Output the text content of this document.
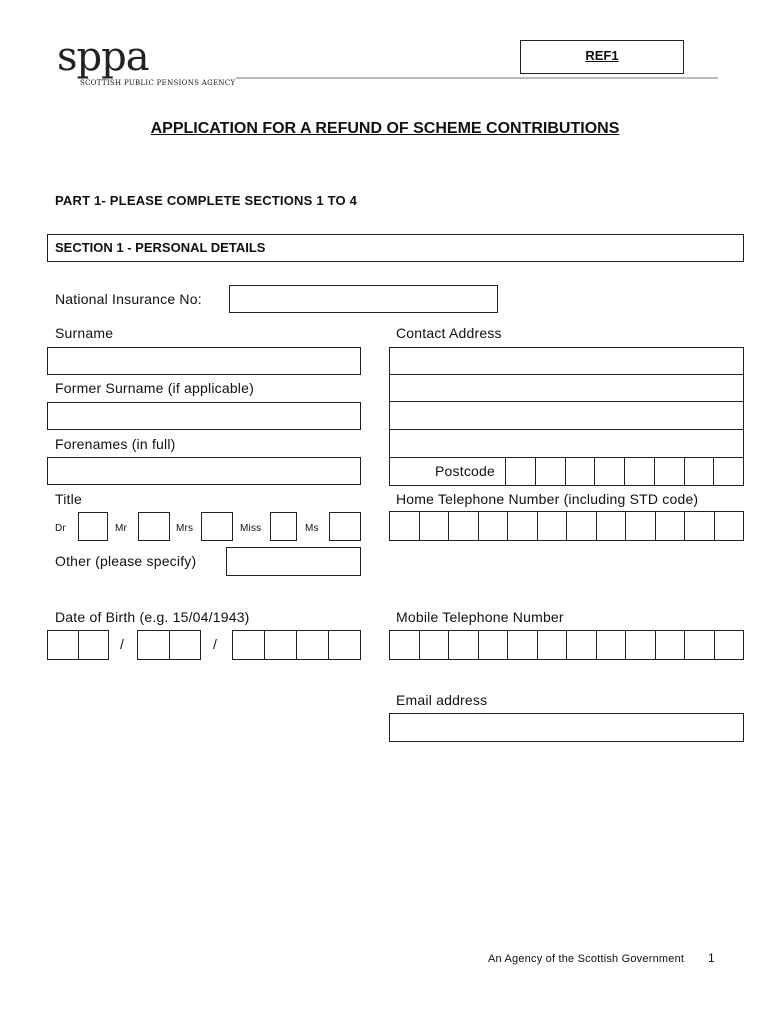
sppa
SCOTTISH PUBLIC PENSIONS AGENCY
REF1
APPLICATION FOR A REFUND OF SCHEME CONTRIBUTIONS
PART 1- PLEASE COMPLETE SECTIONS 1 TO 4
SECTION 1 - PERSONAL DETAILS
National Insurance No:
Surname
Former Surname (if applicable)
Forenames (in full)
Title
Dr	Mr	Mrs	Miss	Ms
Other (please specify)
Date of Birth (e.g. 15/04/1943)
/	/
Contact Address
Postcode
Home Telephone Number (including STD code)
Mobile Telephone Number
Email address
An Agency of the Scottish Government 1
